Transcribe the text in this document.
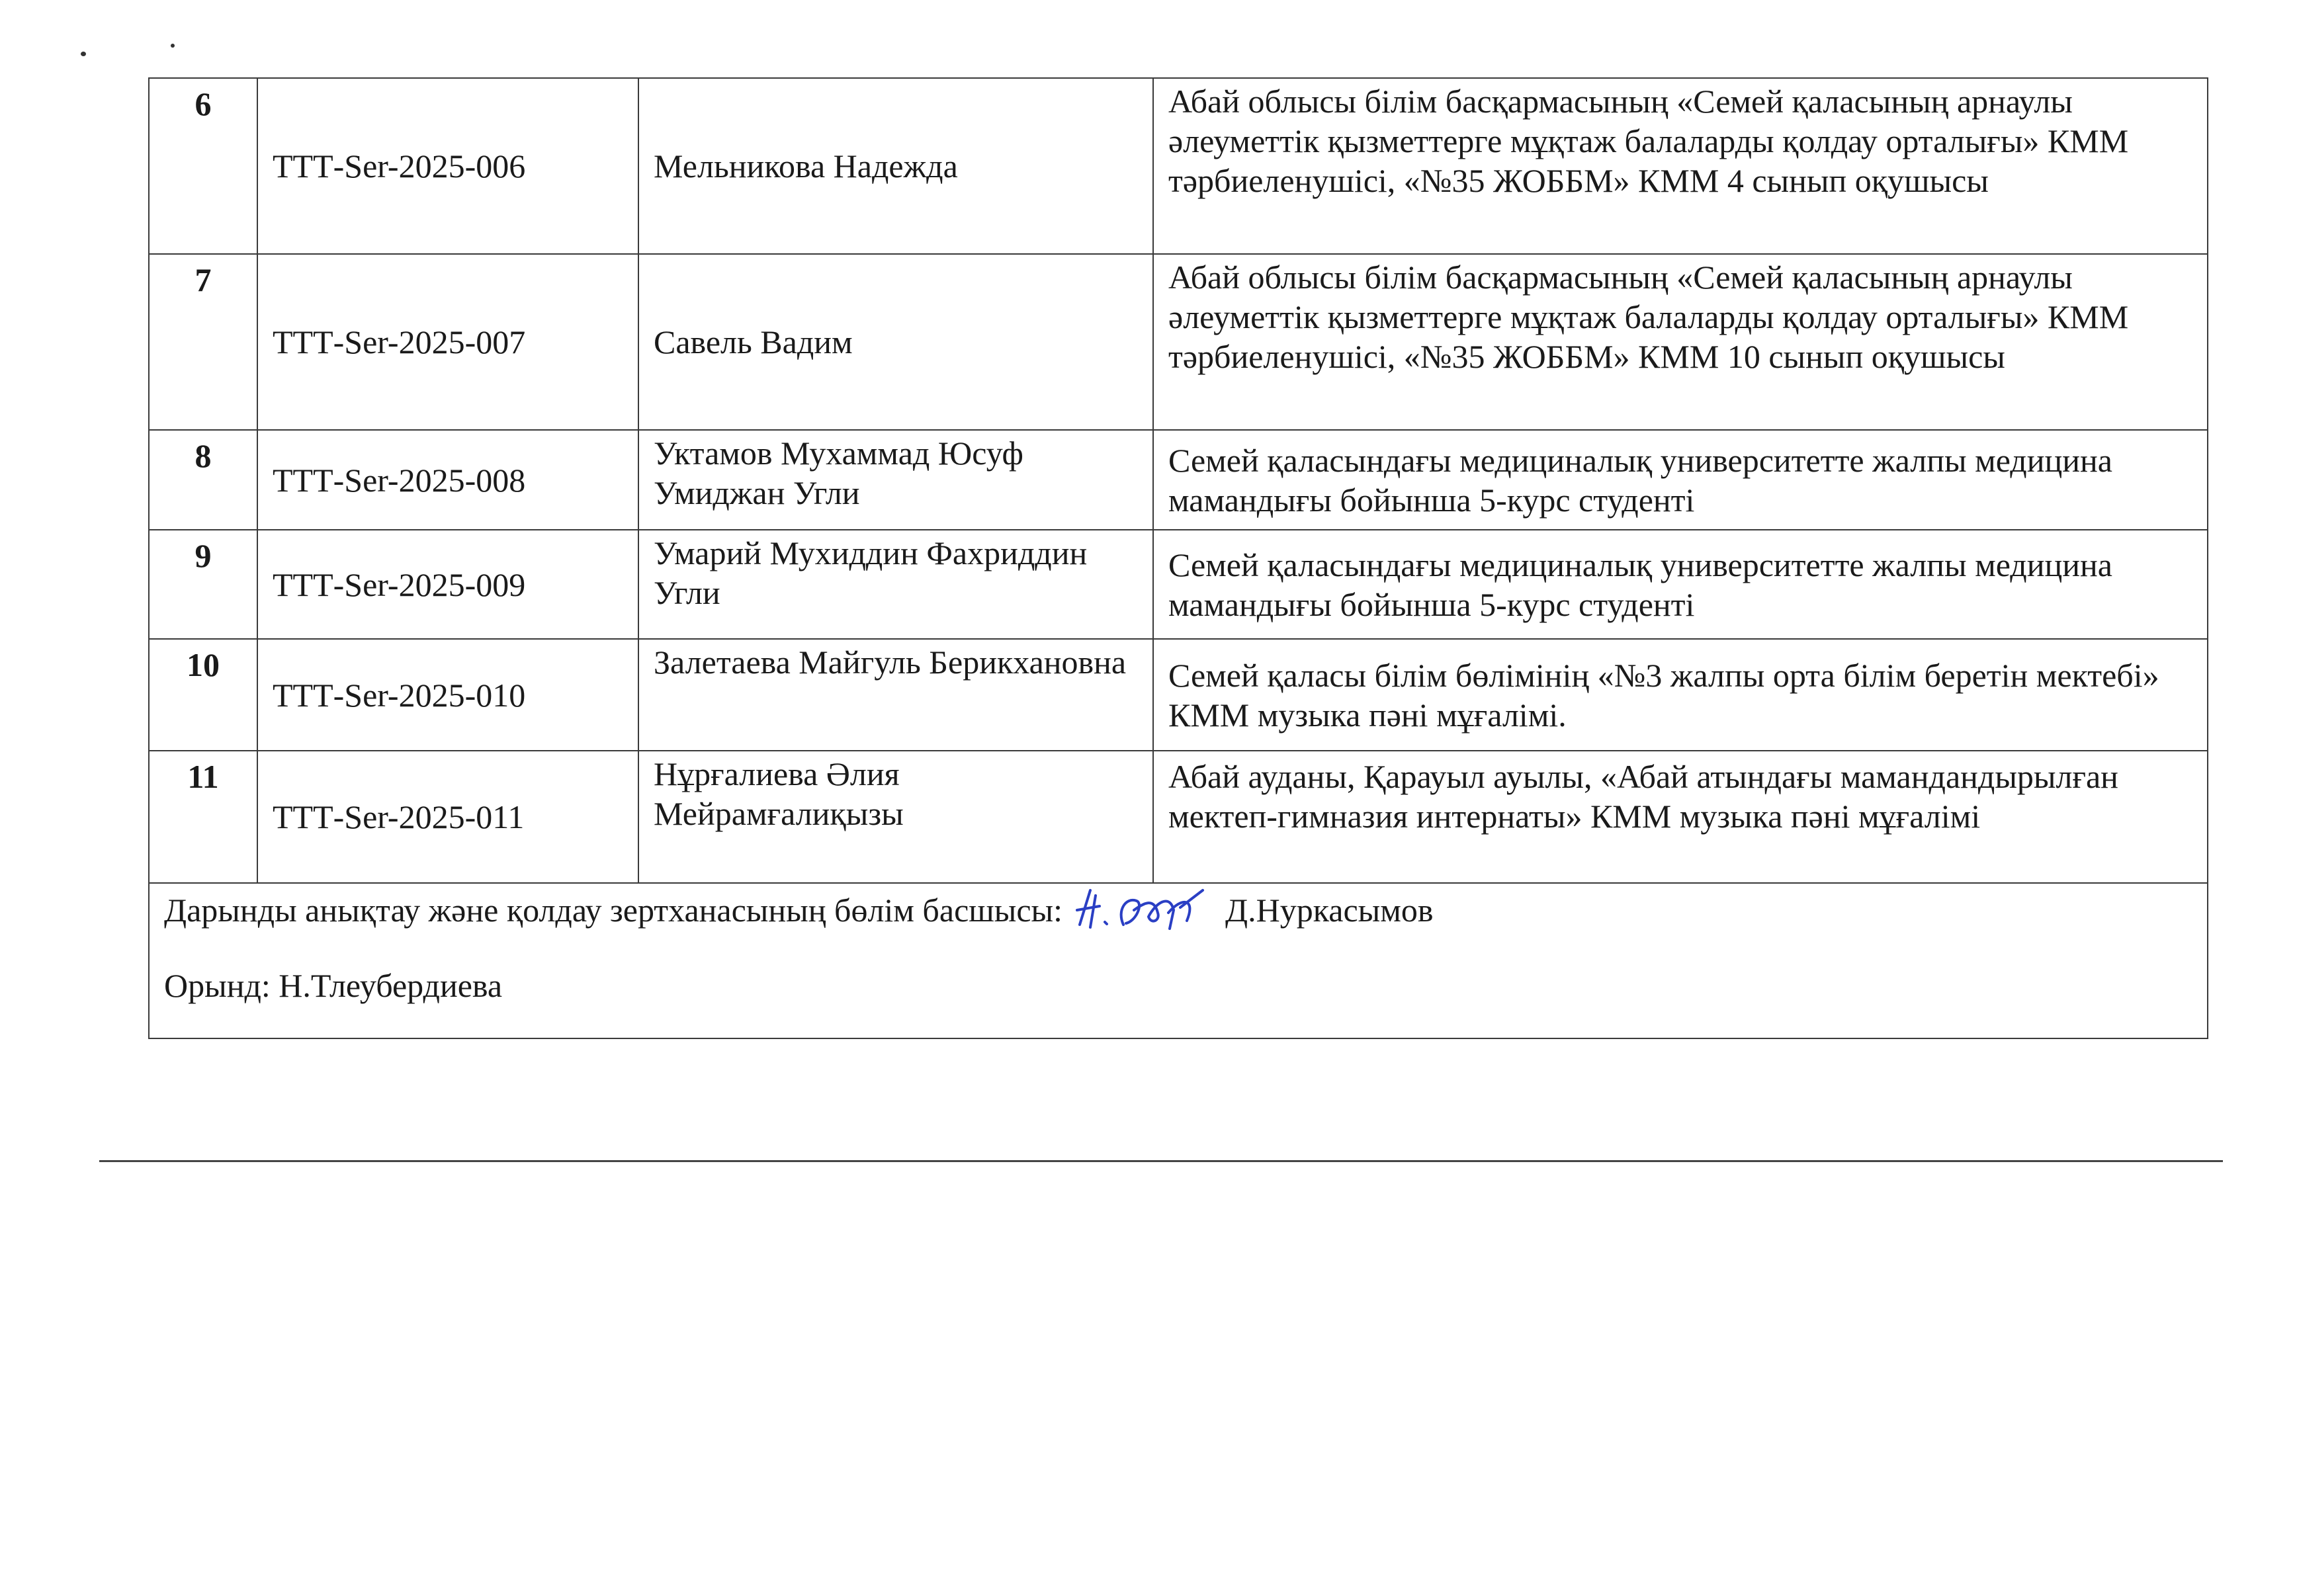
6	ТТТ-Ser-2025-006	Мельникова Надежда	Абай облысы білім басқармасының «Семей қаласының арнаулы әлеуметтік қызметтерге мұқтаж балаларды қолдау орталығы» КММ тәрбиеленушісі, «№35 ЖОББМ» КММ 4 сынып оқушысы
7	ТТТ-Ser-2025-007	Савель Вадим	Абай облысы білім басқармасының «Семей қаласының арнаулы әлеуметтік қызметтерге мұқтаж балаларды қолдау орталығы» КММ тәрбиеленушісі, «№35 ЖОББМ» КММ 10 сынып оқушысы
8	ТТТ-Ser-2025-008	Уктамов Мухаммад Юсуф Умиджан Угли	Семей қаласындағы медициналық университетте жалпы медицина мамандығы бойынша 5-курс студенті
9	ТТТ-Ser-2025-009	Умарий Мухиддин Фахриддин Угли	Семей қаласындағы медициналық университетте жалпы медицина мамандығы бойынша 5-курс студенті
10	ТТТ-Ser-2025-010	Залетаева Майгуль Берикхановна	Семей қаласы білім бөлімінің «№3 жалпы орта білім беретін мектебі» КММ музыка пәні мұғалімі.
11	ТТТ-Ser-2025-011	Нұрғалиева Әлия Мейрамғалиқызы	Абай ауданы, Қарауыл ауылы, «Абай атындағы мамандандырылған мектеп-гимназия интернаты» КММ музыка пәні мұғалімі

Дарынды анықтау және қолдау зертханасының бөлім басшысы: Д.Нуркасымов
Орынд: Н.Тлеубердиева			
